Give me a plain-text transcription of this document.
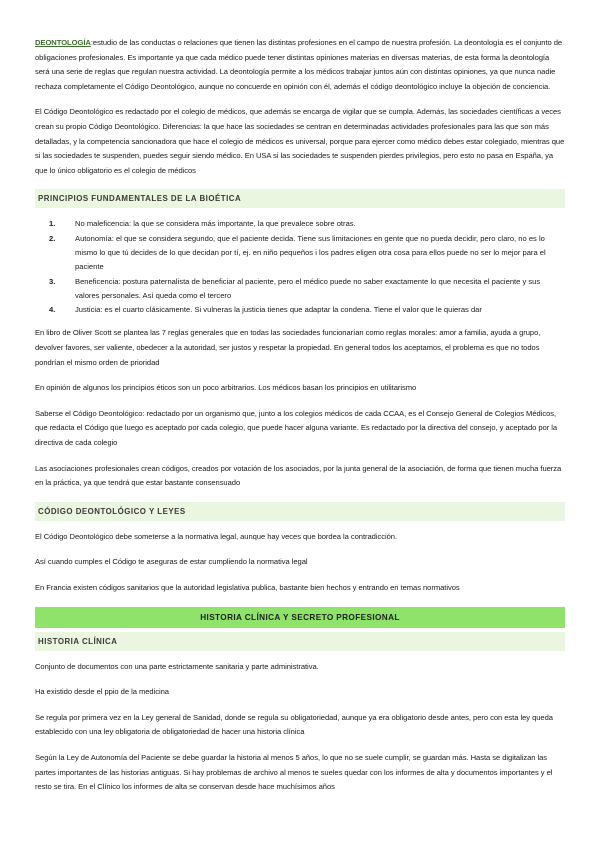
DEONTOLOGÍA:estudio de las conductas o relaciones que tienen las distintas profesiones en el campo de nuestra profesión. La deontología es el conjunto de obligaciones profesionales. Es importante ya que cada médico puede tener distintas opiniones materias en diversas materias, de esta forma la deontología será una serie de reglas que regulan nuestra actividad. La deontología permite a los médicos trabajar juntos aún con distintas opiniones, ya que nunca nadie rechaza completamente el Código Deontológico, aunque no concuerde en opinión con él, además el código deontológico incluye la objeción de conciencia.

El Código Deontológico es redactado por el colegio de médicos, que además se encarga de vigilar que se cumpla. Además, las sociedades científicas a veces crean su propio Código Deontológico. Diferencias: la que hace las sociedades se centran en determinadas actividades profesionales para las que son más detalladas, y la competencia sancionadora que hace el colegio de médicos es universal, porque para ejercer como médico debes estar colegiado, mientras que si las sociedades te suspenden, puedes seguir siendo médico. En USA si las sociedades te suspenden pierdes privilegios, pero esto no pasa en España, ya que lo único obligatorio es el colegio de médicos

PRINCIPIOS FUNDAMENTALES DE LA BIOÉTICA
1.	No maleficencia: la que se considera más importante, la que prevalece sobre otras.
2.	Autonomía: el que se considera segundo, que el paciente decida. Tiene sus limitaciones en gente que no pueda decidir, pero claro, no es lo mismo lo que tú decides de lo que decidan por tí, ej. en niño pequeños i los padres eligen otra cosa para ellos puede no ser lo mejor para el paciente
3.	Beneficencia: postura paternalista de beneficiar al paciente, pero el médico puede no saber exactamente lo que necesita el paciente y sus valores personales. Así queda como el tercero
4.	Justicia: es el cuarto clásicamente. Si vulneras la justicia tienes que adaptar la condena. Tiene el valor que le quieras dar

En libro de Oliver Scott se plantea las 7 reglas generales que en todas las sociedades funcionarían como reglas morales: amor a familia, ayuda a grupo, devolver favores, ser valiente, obedecer a la autoridad, ser justos y respetar la propiedad. En general todos los aceptamos, el problema es que no todos pondrían el mismo orden de prioridad

En opinión de algunos los principios éticos son un poco arbitrarios. Los médicos basan los principios en utilitarismo

Saberse el Código Deontológico: redactado por un organismo que, junto a los colegios médicos de cada CCAA, es el Consejo General de Colegios Médicos, que redacta el Código que luego es aceptado por cada colegio, que puede hacer alguna variante. Es redactado por la directiva del consejo, y aceptado por la directiva de cada colegio

Las asociaciones profesionales crean códigos, creados por votación de los asociados, por la junta general de la asociación, de forma que tienen mucha fuerza en la práctica, ya que tendrá que estar bastante consensuado

CÓDIGO DEONTOLÓGICO Y LEYES

El Código Deontológico debe someterse a la normativa legal, aunque hay veces que bordea la contradicción.

Así cuando cumples el Código te aseguras de estar cumpliendo la normativa legal

En Francia existen códigos sanitarios que la autoridad legislativa publica, bastante bien hechos y entrando en temas normativos

HISTORIA CLÍNICA Y SECRETO PROFESIONAL
HISTORIA CLÍNICA

Conjunto de documentos con una parte estrictamente sanitaria y parte administrativa.

Ha existido desde el ppio de la medicina

Se regula por primera vez en la Ley general de Sanidad, donde se regula su obligatoriedad, aunque ya era obligatorio desde antes, pero con esta ley queda establecido con una ley obligatoria de obligatoriedad de hacer una historia clínica

Según la Ley de Autonomía del Paciente se debe guardar la historia al menos 5 años, lo que no se suele cumplir, se guardan más. Hasta se digitalizan las partes importantes de las historias antiguas. Si hay problemas de archivo al menos te sueles quedar con los informes de alta y documentos importantes y el resto se tira. En el Clínico los informes de alta se conservan desde hace muchísimos años
